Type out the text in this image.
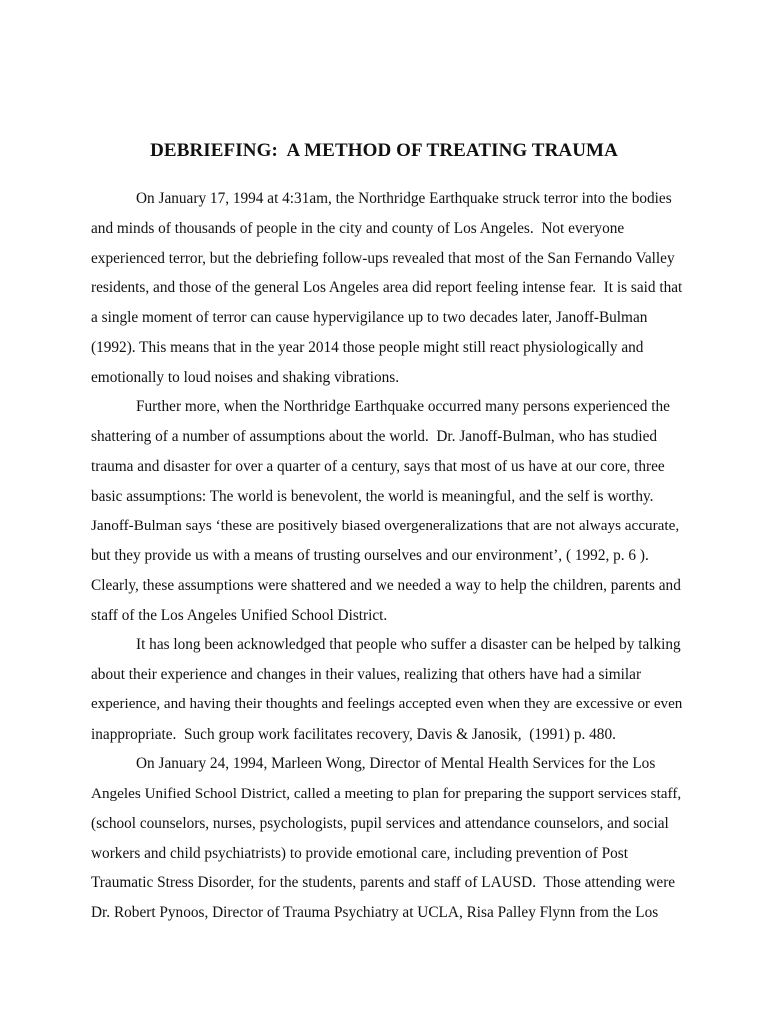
DEBRIEFING:  A METHOD OF TREATING TRAUMA
On January 17, 1994 at 4:31am, the Northridge Earthquake struck terror into the bodies
and minds of thousands of people in the city and county of Los Angeles.  Not everyone
experienced terror, but the debriefing follow-ups revealed that most of the San Fernando Valley
residents, and those of the general Los Angeles area did report feeling intense fear.  It is said that
a single moment of terror can cause hypervigilance up to two decades later, Janoff-Bulman
(1992). This means that in the year 2014 those people might still react physiologically and
emotionally to loud noises and shaking vibrations.
Further more, when the Northridge Earthquake occurred many persons experienced the
shattering of a number of assumptions about the world.  Dr. Janoff-Bulman, who has studied
trauma and disaster for over a quarter of a century, says that most of us have at our core, three
basic assumptions: The world is benevolent, the world is meaningful, and the self is worthy.
Janoff-Bulman says ‘these are positively biased overgeneralizations that are not always accurate,
but they provide us with a means of trusting ourselves and our environment’, ( 1992, p. 6 ).
Clearly, these assumptions were shattered and we needed a way to help the children, parents and
staff of the Los Angeles Unified School District.
It has long been acknowledged that people who suffer a disaster can be helped by talking
about their experience and changes in their values, realizing that others have had a similar
experience, and having their thoughts and feelings accepted even when they are excessive or even
inappropriate.  Such group work facilitates recovery, Davis & Janosik,  (1991) p. 480.
On January 24, 1994, Marleen Wong, Director of Mental Health Services for the Los
Angeles Unified School District, called a meeting to plan for preparing the support services staff,
(school counselors, nurses, psychologists, pupil services and attendance counselors, and social
workers and child psychiatrists) to provide emotional care, including prevention of Post
Traumatic Stress Disorder, for the students, parents and staff of LAUSD.  Those attending were
Dr. Robert Pynoos, Director of Trauma Psychiatry at UCLA, Risa Palley Flynn from the Los
